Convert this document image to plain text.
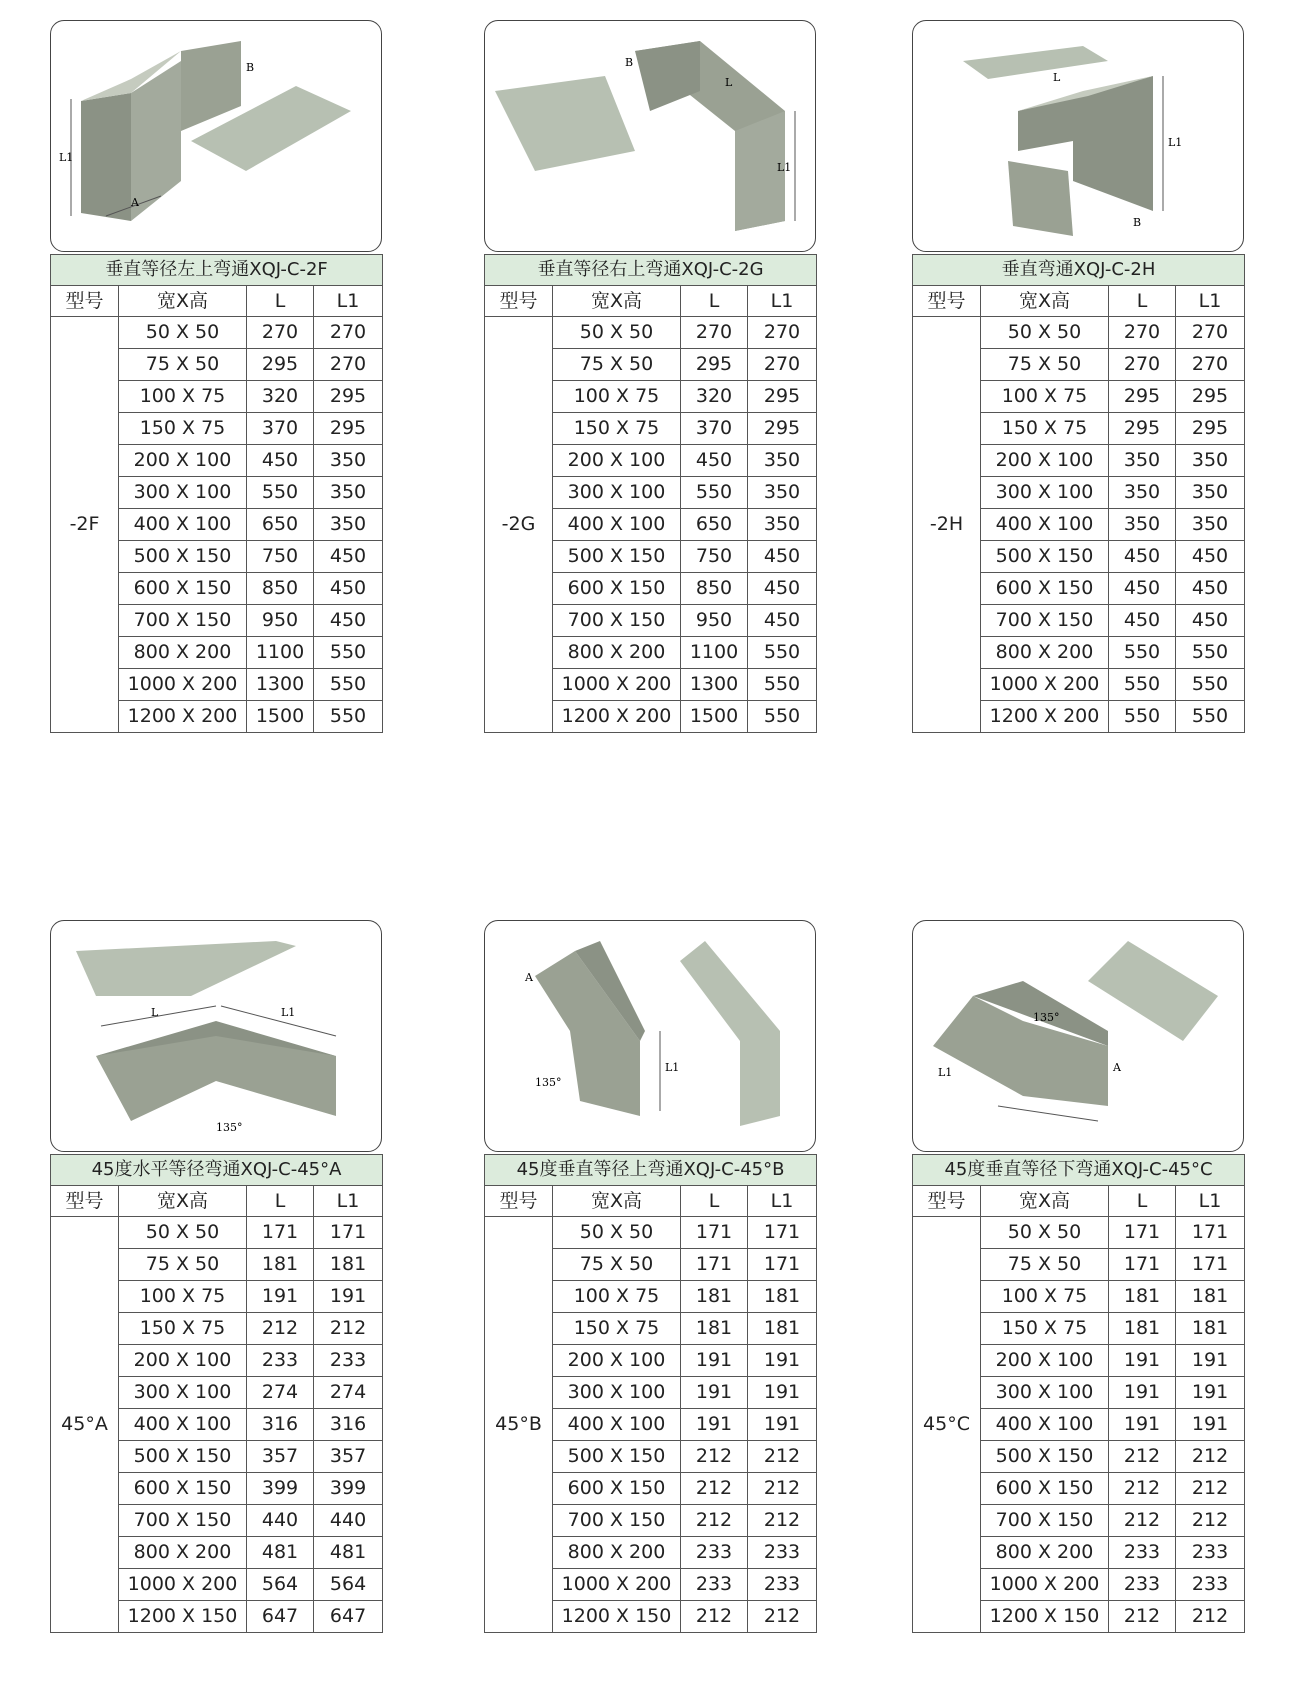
L1
A
B
垂直等径左上弯通XQJ-C-2F			
型号	宽X高	L	L1
-2F	50 X 50	270	270
	75 X 50	295	270
	100 X 75	320	295
	150 X 75	370	295
	200 X 100	450	350
	300 X 100	550	350
	400 X 100	650	350
	500 X 150	750	450
	600 X 150	850	450
	700 X 150	950	450
	800 X 200	1100	550
	1000 X 200	1300	550
	1200 X 200	1500	550
L1
B
L
垂直等径右上弯通XQJ-C-2G			
型号	宽X高	L	L1
-2G	50 X 50	270	270
	75 X 50	295	270
	100 X 75	320	295
	150 X 75	370	295
	200 X 100	450	350
	300 X 100	550	350
	400 X 100	650	350
	500 X 150	750	450
	600 X 150	850	450
	700 X 150	950	450
	800 X 200	1100	550
	1000 X 200	1300	550
	1200 X 200	1500	550
L1
L
B
垂直弯通XQJ-C-2H			
型号	宽X高	L	L1
-2H	50 X 50	270	270
	75 X 50	270	270
	100 X 75	295	295
	150 X 75	295	295
	200 X 100	350	350
	300 X 100	350	350
	400 X 100	350	350
	500 X 150	450	450
	600 X 150	450	450
	700 X 150	450	450
	800 X 200	550	550
	1000 X 200	550	550
	1200 X 200	550	550
L	L1
135°
45度水平等径弯通XQJ-C-45°A			
型号	宽X高	L	L1
45°A	50 X 50	171	171
	75 X 50	181	181
	100 X 75	191	191
	150 X 75	212	212
	200 X 100	233	233
	300 X 100	274	274
	400 X 100	316	316
	500 X 150	357	357
	600 X 150	399	399
	700 X 150	440	440
	800 X 200	481	481
	1000 X 200	564	564
	1200 X 150	647	647
L1
135°
A
45度垂直等径上弯通XQJ-C-45°B			
型号	宽X高	L	L1
45°B	50 X 50	171	171
	75 X 50	171	171
	100 X 75	181	181
	150 X 75	181	181
	200 X 100	191	191
	300 X 100	191	191
	400 X 100	191	191
	500 X 150	212	212
	600 X 150	212	212
	700 X 150	212	212
	800 X 200	233	233
	1000 X 200	233	233
	1200 X 150	212	212
135°
L1	A
45度垂直等径下弯通XQJ-C-45°C			
型号	宽X高	L	L1
45°C	50 X 50	171	171
	75 X 50	171	171
	100 X 75	181	181
	150 X 75	181	181
	200 X 100	191	191
	300 X 100	191	191
	400 X 100	191	191
	500 X 150	212	212
	600 X 150	212	212
	700 X 150	212	212
	800 X 200	233	233
	1000 X 200	233	233
	1200 X 150	212	212
